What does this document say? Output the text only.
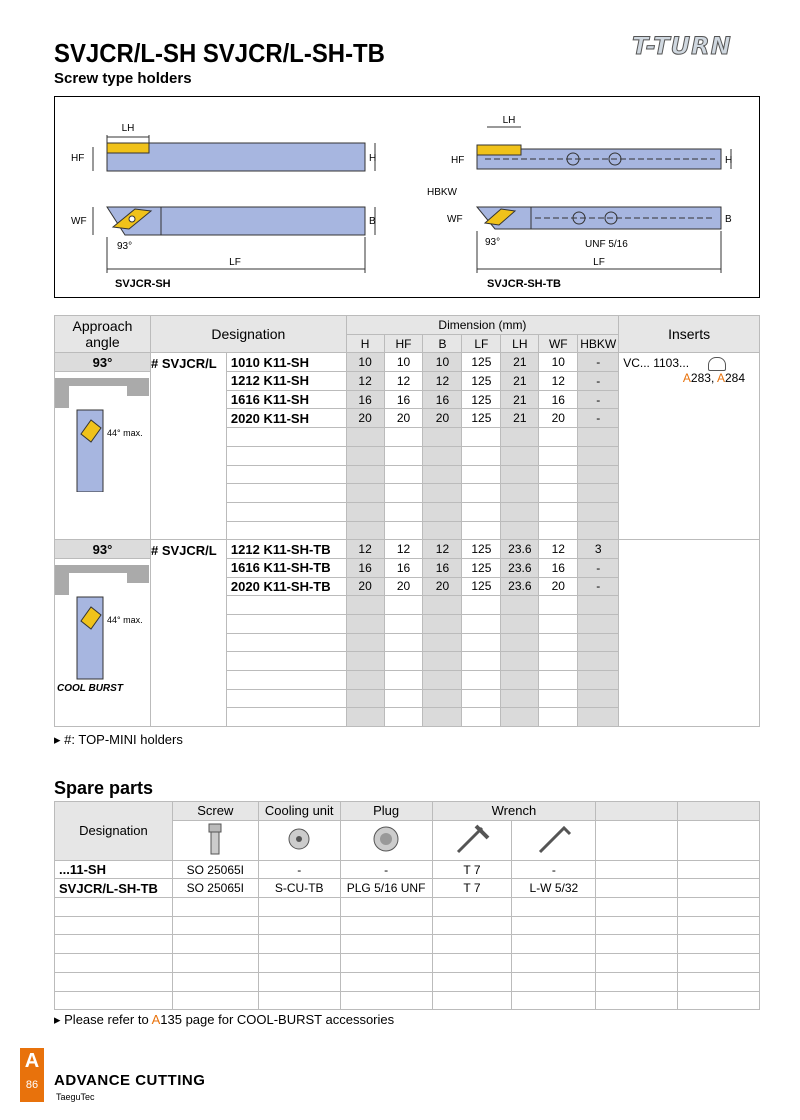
SVJCR/L-SH SVJCR/L-SH-TB
Screw type holders
T-TURN
LH
HF	H
WF	B
93°
LF
SVJCR-SH
LH
HF	H
HBKW
WF	B
93°	UNF 5/16
LF
SVJCR-SH-TB
Approach angle	Designation		Dimension (mm)							Inserts
			H	HF	B	LF	LH	WF	HBKW	
93°	# SVJCR/L	1010 K11-SH	10	10	10	125	21	10	-	VC... 1103...
A283, A284

44° max.		1212 K11-SH	12	12	12	125	21	12	-	
		1616 K11-SH	16	16	16	125	21	16	-	
		2020 K11-SH	20	20	20	125	21	20	-	

93°	# SVJCR/L	1212 K11-SH-TB	12	12	12	125	23.6	12	3	

44° max.
COOL BURST		1616 K11-SH-TB	16	16	16	125	23.6	16	-	
		2020 K11-SH-TB	20	20	20	125	23.6	20	-	

▸ #: TOP-MINI holders
Spare parts
Designation	Screw	Cooling unit	Plug	Wrench			

...11-SH	SO 25065I	-	-	T 7	-		
SVJCR/L-SH-TB	SO 25065I	S-CU-TB	PLG 5/16 UNF	T 7	L-W 5/32		

▸ Please refer to A135 page for COOL-BURST accessories
A
86	ADVANCE CUTTING
TaeguTec
